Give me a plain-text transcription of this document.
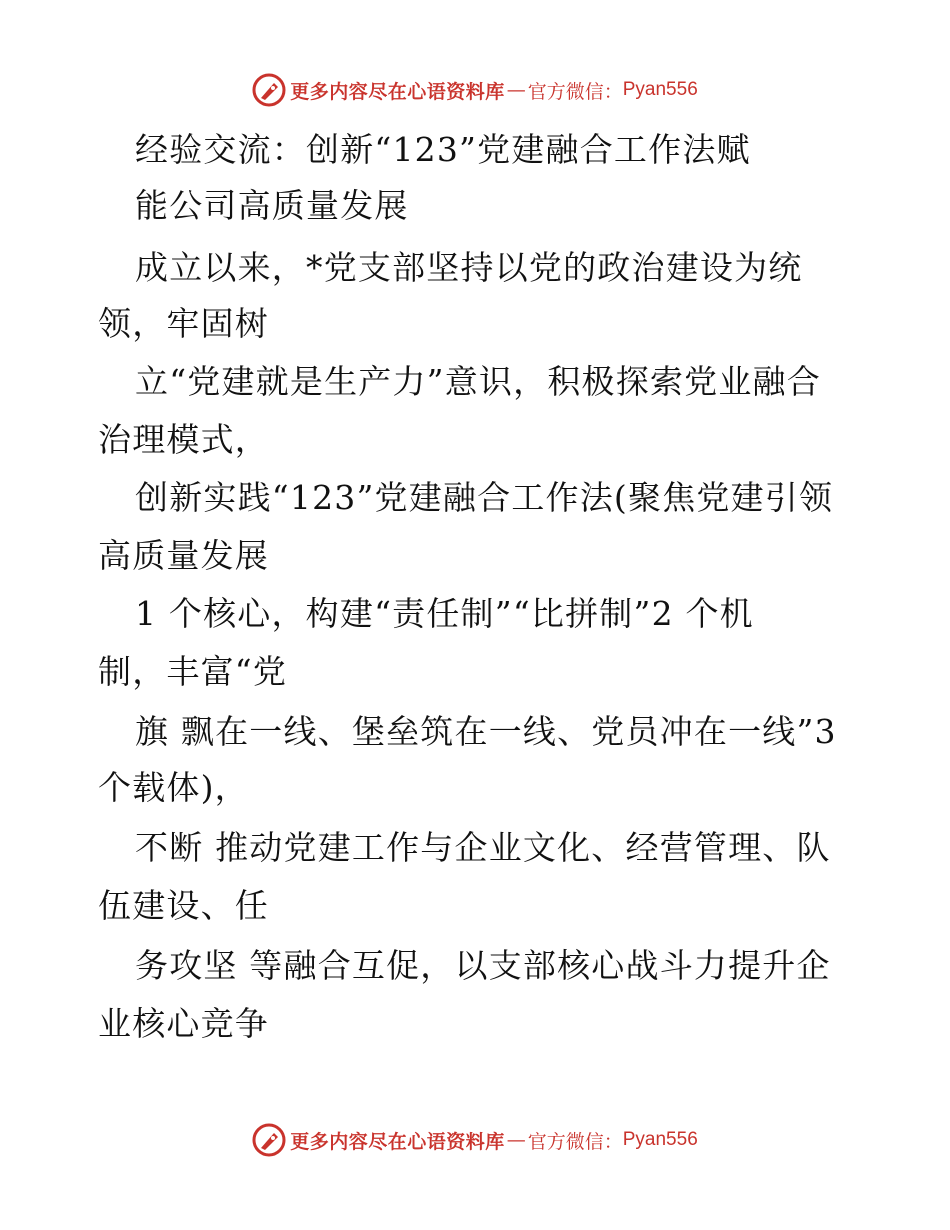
更多内容尽在心语资料库 — 官方微信： Pyan556
经验交流：创新“123”党建融合工作法赋
能公司高质量发展
成立以来，*党支部坚持以党的政治建设为统
领，牢固树
立“党建就是生产力”意识，积极探索党业融合
治理模式，
创新实践“123”党建融合工作法(聚焦党建引领
高质量发展
1 个核心，构建“责任制”“比拼制”2 个机
制，丰富“党
旗 飘在一线、堡垒筑在一线、党员冲在一线”3
个载体)，
不断 推动党建工作与企业文化、经营管理、队
伍建设、任
务攻坚 等融合互促，以支部核心战斗力提升企
业核心竞争
更多内容尽在心语资料库 — 官方微信： Pyan556
